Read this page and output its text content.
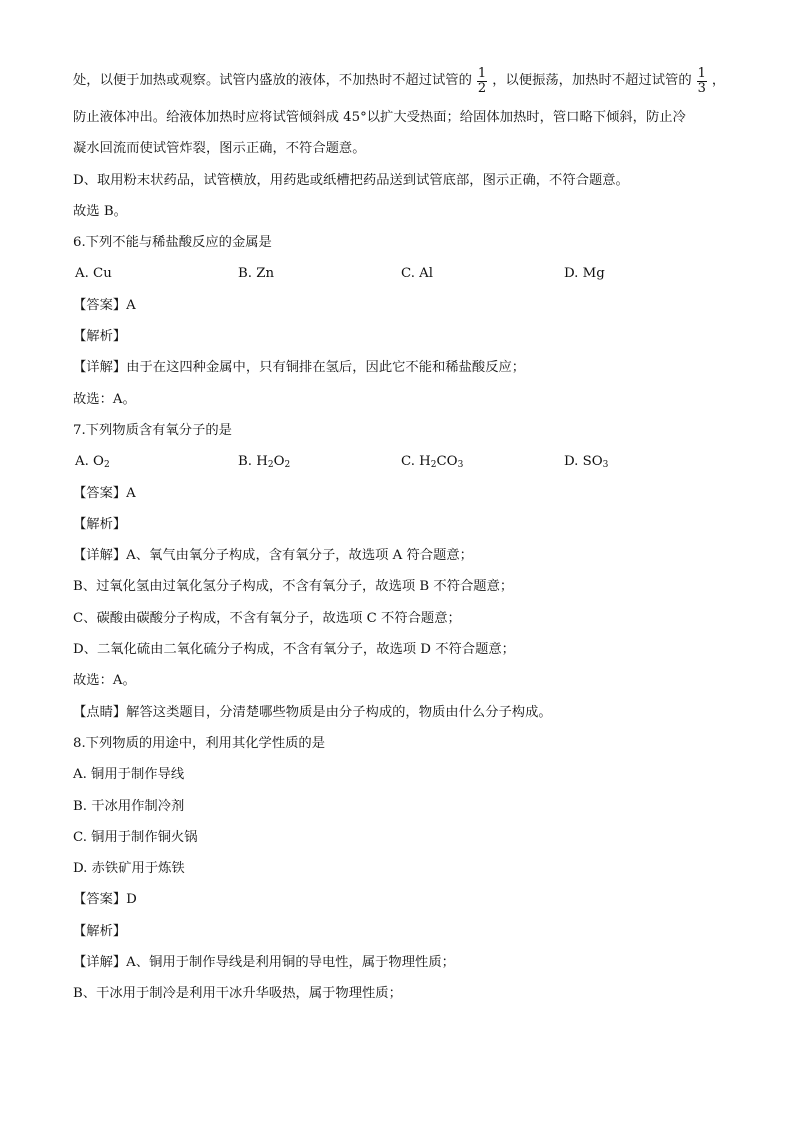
处，以便于加热或观察。试管内盛放的液体，不加热时不超过试管的 $\frac{1}{2}$ ，以便振荡，加热时不超过试管的 $\frac{1}{3}$ ，
防止液体冲出。给液体加热时应将试管倾斜成 45°以扩大受热面；给固体加热时，管口略下倾斜，防止冷
凝水回流而使试管炸裂，图示正确，不符合题意。
D、取用粉末状药品，试管横放，用药匙或纸槽把药品送到试管底部，图示正确，不符合题意。
故选 B。
6.下列不能与稀盐酸反应的金属是
A. Cu	B. Zn	C. Al	D. Mg
【答案】A
【解析】
【详解】由于在这四种金属中，只有铜排在氢后，因此它不能和稀盐酸反应；
故选：A。
7.下列物质含有氧分子的是
A. $O_2$	B. $H_2O_2$	C. $H_2CO_3$	D. $SO_3$
【答案】A
【解析】
【详解】A、氧气由氧分子构成，含有氧分子，故选项 A 符合题意；
B、过氧化氢由过氧化氢分子构成，不含有氧分子，故选项 B 不符合题意；
C、碳酸由碳酸分子构成，不含有氧分子，故选项 C 不符合题意；
D、二氧化硫由二氧化硫分子构成，不含有氧分子，故选项 D 不符合题意；
故选：A。
【点睛】解答这类题目，分清楚哪些物质是由分子构成的，物质由什么分子构成。
8.下列物质的用途中，利用其化学性质的是
A. 铜用于制作导线
B. 干冰用作制冷剂
C. 铜用于制作铜火锅
D. 赤铁矿用于炼铁
【答案】D
【解析】
【详解】A、铜用于制作导线是利用铜的导电性，属于物理性质；
B、干冰用于制冷是利用干冰升华吸热，属于物理性质；
